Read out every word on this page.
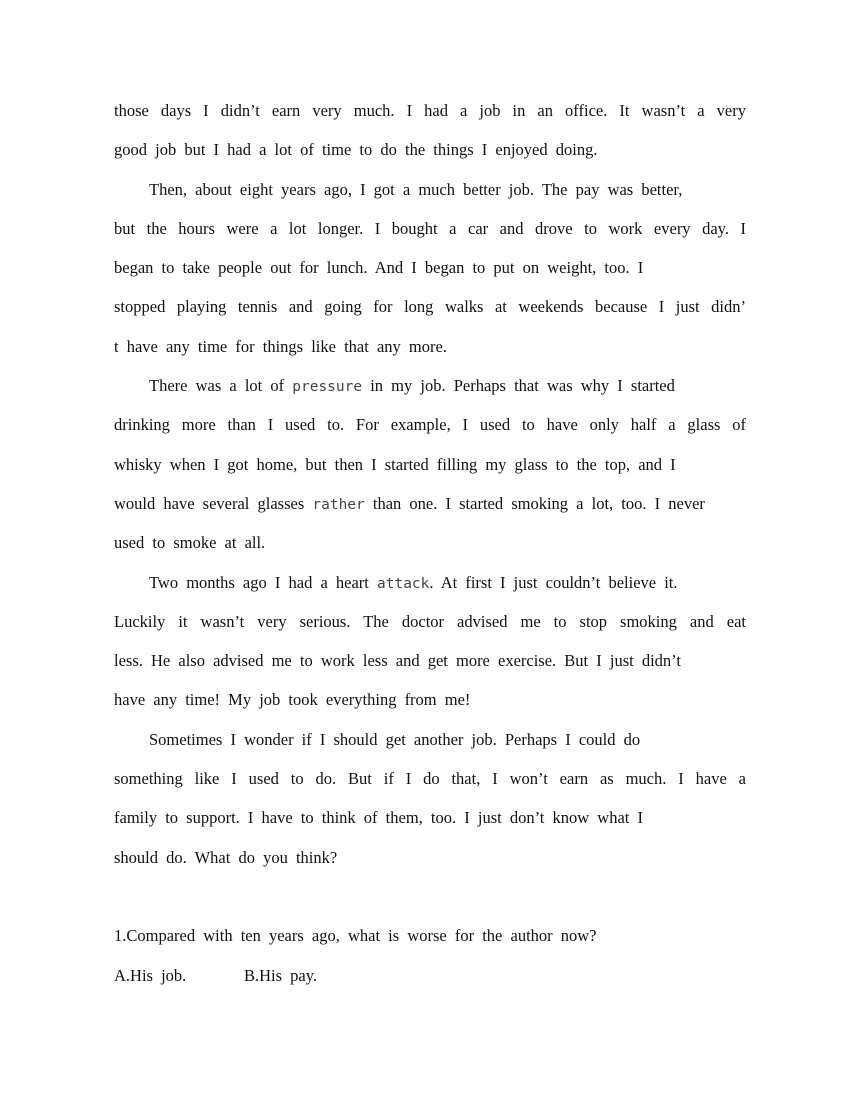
those days I didn’t earn very much. I had a job in an office. It wasn’t a very
good job but I had a lot of time to do the things I enjoyed doing.
Then, about eight years ago, I got a much better job. The pay was better,
but the hours were a lot longer. I bought a car and drove to work every day. I
began to take people out for lunch. And I began to put on weight, too. I
stopped playing tennis and going for long walks at weekends because I just didn’
t have any time for things like that any more.
There was a lot of pressure in my job. Perhaps that was why I started
drinking more than I used to. For example, I used to have only half a glass of
whisky when I got home, but then I started filling my glass to the top, and I
would have several glasses rather than one. I started smoking a lot, too. I never
used to smoke at all.
Two months ago I had a heart attack. At first I just couldn’t believe it.
Luckily it wasn’t very serious. The doctor advised me to stop smoking and eat
less. He also advised me to work less and get more exercise. But I just didn’t
have any time! My job took everything from me!
Sometimes I wonder if I should get another job. Perhaps I could do
something like I used to do. But if I do that, I won’t earn as much. I have a
family to support. I have to think of them, too. I just don’t know what I
should do. What do you think?
1.Compared with ten years ago, what is worse for the author now?
A.His job.	B.His pay.
